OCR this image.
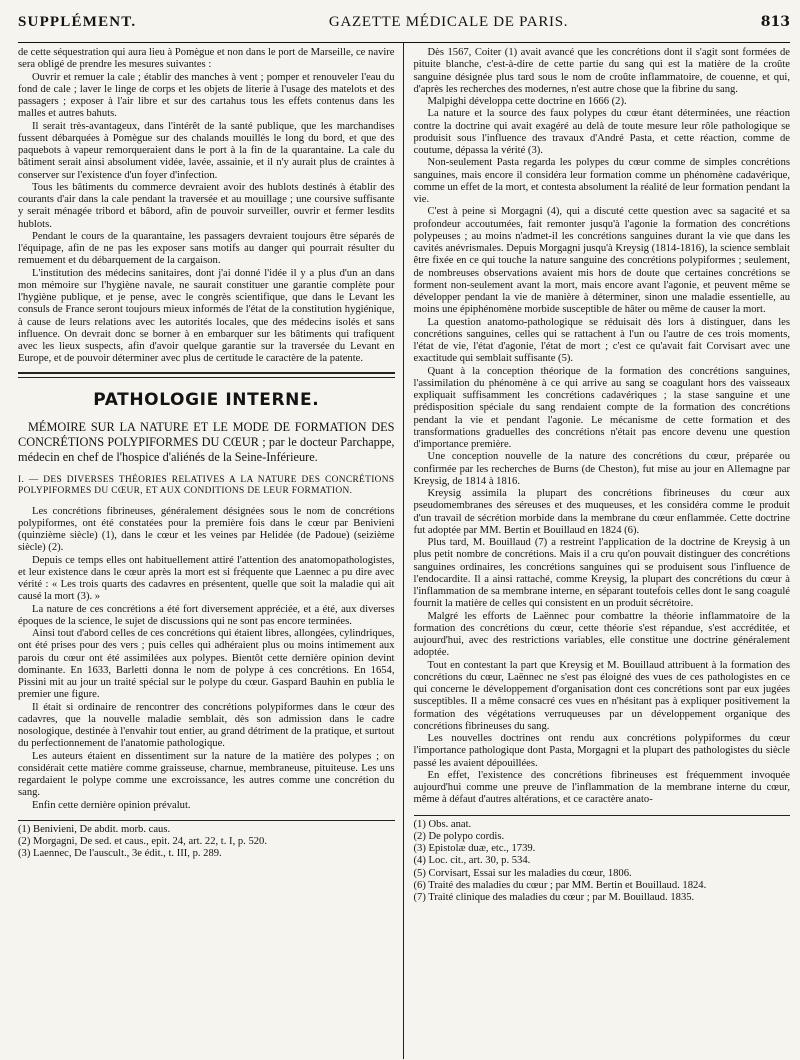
SUPPLÉMENT.	GAZETTE MÉDICALE DE PARIS.	813

de cette séquestration qui aura lieu à Pomègue et non dans le port de Marseille, ce navire sera obligé de prendre les mesures suivantes :

Ouvrir et remuer la cale ; établir des manches à vent ; pomper et renouveler l'eau du fond de cale ; laver le linge de corps et les objets de literie à l'usage des matelots et des passagers ; exposer à l'air libre et sur des cartahus tous les effets contenus dans les malles et autres bahuts.

Il serait très-avantageux, dans l'intérêt de la santé publique, que les marchandises fussent débarquées à Pomègue sur des chalands mouillés le long du bord, et que des paquebots à vapeur remorqueraient dans le port à la fin de la quarantaine. La cale du bâtiment serait ainsi absolument vidée, lavée, assainie, et il n'y aurait plus de craintes à conserver sur l'existence d'un foyer d'infection.

Tous les bâtiments du commerce devraient avoir des hublots destinés à établir des courants d'air dans la cale pendant la traversée et au mouillage ; une coursive suffisante y serait ménagée tribord et bâbord, afin de pouvoir surveiller, ouvrir et fermer lesdits hublots.

Pendant le cours de la quarantaine, les passagers devraient toujours être séparés de l'équipage, afin de ne pas les exposer sans motifs au danger qui pourrait résulter du remuement et du débarquement de la cargaison.

L'institution des médecins sanitaires, dont j'ai donné l'idée il y a plus d'un an dans mon mémoire sur l'hygiène navale, ne saurait constituer une garantie complète pour l'hygiène publique, et je pense, avec le congrès scientifique, que dans le Levant les consuls de France seront toujours mieux informés de l'état de la constitution hygiénique, à cause de leurs relations avec les autorités locales, que des médecins isolés et sans influence. On devrait donc se borner à en embarquer sur les bâtiments qui trafiquent avec les lieux suspects, afin d'avoir quelque garantie sur la traversée du Levant en Europe, et de pouvoir déterminer avec plus de certitude le caractère de la patente.

PATHOLOGIE INTERNE.
MÉMOIRE SUR LA NATURE ET LE MODE DE FORMATION DES CONCRÉTIONS POLYPIFORMES DU CŒUR ; par le docteur Parchappe, médecin en chef de l'hospice d'aliénés de la Seine-Inférieure.
I. — DES DIVERSES THÉORIES RELATIVES A LA NATURE DES CONCRÉTIONS POLYPIFORMES DU CŒUR, ET AUX CONDITIONS DE LEUR FORMATION.

Les concrétions fibrineuses, généralement désignées sous le nom de concrétions polypiformes, ont été constatées pour la première fois dans le cœur par Benivieni (quinzième siècle) (1), dans le cœur et les veines par Helidée (de Padoue) (seizième siècle) (2).

Depuis ce temps elles ont habituellement attiré l'attention des anatomopathologistes, et leur existence dans le cœur après la mort est si fréquente que Laennec a pu dire avec vérité : « Les trois quarts des cadavres en présentent, quelle que soit la maladie qui ait causé la mort (3). »

La nature de ces concrétions a été fort diversement appréciée, et a été, aux diverses époques de la science, le sujet de discussions qui ne sont pas encore terminées.

Ainsi tout d'abord celles de ces concrétions qui étaient libres, allongées, cylindriques, ont été prises pour des vers ; puis celles qui adhéraient plus ou moins intimement aux parois du cœur ont été assimilées aux polypes. Bientôt cette dernière opinion devint dominante. En 1633, Barletti donna le nom de polype à ces concrétions. En 1654, Pissini mit au jour un traité spécial sur le polype du cœur. Gaspard Bauhin en publia le premier une figure.

Il était si ordinaire de rencontrer des concrétions polypiformes dans le cœur des cadavres, que la nouvelle maladie semblait, dès son admission dans le cadre nosologique, destinée à l'envahir tout entier, au grand détriment de la pratique, et surtout du perfectionnement de l'anatomie pathologique.

Les auteurs étaient en dissentiment sur la nature de la matière des polypes ; on considérait cette matière comme graisseuse, charnue, membraneuse, pituiteuse. Les uns regardaient le polype comme une excroissance, les autres comme une concrétion du sang.

Enfin cette dernière opinion prévalut.

(1) Benivieni, De abdit. morb. caus.

(2) Morgagni, De sed. et caus., epit. 24, art. 22, t. I, p. 520.

(3) Laennec, De l'auscult., 3e édit., t. III, p. 289.

Dès 1567, Coiter (1) avait avancé que les concrétions dont il s'agit sont formées de pituite blanche, c'est-à-dire de cette partie du sang qui est la matière de la croûte sanguine désignée plus tard sous le nom de croûte inflammatoire, de couenne, et qui, d'après les recherches des modernes, n'est autre chose que la fibrine du sang.

Malpighi développa cette doctrine en 1666 (2).

La nature et la source des faux polypes du cœur étant déterminées, une réaction contre la doctrine qui avait exagéré au delà de toute mesure leur rôle pathologique se produisit sous l'influence des travaux d'André Pasta, et cette réaction, comme de coutume, dépassa la vérité (3).

Non-seulement Pasta regarda les polypes du cœur comme de simples concrétions sanguines, mais encore il considéra leur formation comme un phénomène cadavérique, comme un effet de la mort, et contesta absolument la réalité de leur formation pendant la vie.

C'est à peine si Morgagni (4), qui a discuté cette question avec sa sagacité et sa profondeur accoutumées, fait remonter jusqu'à l'agonie la formation des concrétions polypeuses ; au moins n'admet-il les concrétions sanguines durant la vie que dans les cavités anévrismales. Depuis Morgagni jusqu'à Kreysig (1814-1816), la science semblait être fixée en ce qui touche la nature sanguine des concrétions polypiformes ; seulement, de nombreuses observations avaient mis hors de doute que certaines concrétions se forment non-seulement avant la mort, mais encore avant l'agonie, et peuvent même se développer pendant la vie de manière à déterminer, sinon une maladie essentielle, au moins une épiphénomène morbide susceptible de hâter ou même de causer la mort.

La question anatomo-pathologique se réduisait dès lors à distinguer, dans les concrétions sanguines, celles qui se rattachent à l'un ou l'autre de ces trois moments, l'état de vie, l'état d'agonie, l'état de mort ; c'est ce qu'avait fait Corvisart avec une exactitude qui semblait suffisante (5).

Quant à la conception théorique de la formation des concrétions sanguines, l'assimilation du phénomène à ce qui arrive au sang se coagulant hors des vaisseaux expliquait suffisamment les concrétions cadavériques ; la stase sanguine et une prédisposition spéciale du sang rendaient compte de la formation des concrétions pendant la vie et pendant l'agonie. Le mécanisme de cette formation et des transformations graduelles des concrétions n'était pas encore devenu une question d'importance première.

Une conception nouvelle de la nature des concrétions du cœur, préparée ou confirmée par les recherches de Burns (de Cheston), fut mise au jour en Allemagne par Kreysig, de 1814 à 1816.

Kreysig assimila la plupart des concrétions fibrineuses du cœur aux pseudomembranes des séreuses et des muqueuses, et les considéra comme le produit d'un travail de sécrétion morbide dans la membrane du cœur enflammée. Cette doctrine fut adoptée par MM. Bertin et Bouillaud en 1824 (6).

Plus tard, M. Bouillaud (7) a restreint l'application de la doctrine de Kreysig à un plus petit nombre de concrétions. Mais il a cru qu'on pouvait distinguer des concrétions sanguines ordinaires, les concrétions sanguines qui se produisent sous l'influence de l'endocardite. Il a ainsi rattaché, comme Kreysig, la plupart des concrétions du cœur à l'inflammation de sa membrane interne, en séparant toutefois celles dont le sang coagulé fournit la matière de celles qui consistent en un produit sécrétoire.

Malgré les efforts de Laënnec pour combattre la théorie inflammatoire de la formation des concrétions du cœur, cette théorie s'est répandue, s'est accréditée, et aujourd'hui, avec des restrictions variables, elle constitue une doctrine généralement adoptée.

Tout en contestant la part que Kreysig et M. Bouillaud attribuent à la formation des concrétions du cœur, Laënnec ne s'est pas éloigné des vues de ces pathologistes en ce qui concerne le développement d'organisation dont ces concrétions sont par eux jugées susceptibles. Il a même consacré ces vues en n'hésitant pas à expliquer positivement la formation des végétations verruqueuses par un développement organique des concrétions fibrineuses du sang.

Les nouvelles doctrines ont rendu aux concrétions polypiformes du cœur l'importance pathologique dont Pasta, Morgagni et la plupart des pathologistes du siècle passé les avaient dépouillées.

En effet, l'existence des concrétions fibrineuses est fréquemment invoquée aujourd'hui comme une preuve de l'inflammation de la membrane interne du cœur, même à défaut d'autres altérations, et ce caractère anato-

(1) Obs. anat.

(2) De polypo cordis.

(3) Epistolæ duæ, etc., 1739.

(4) Loc. cit., art. 30, p. 534.

(5) Corvisart, Essai sur les maladies du cœur, 1806.

(6) Traité des maladies du cœur ; par MM. Bertin et Bouillaud. 1824.

(7) Traité clinique des maladies du cœur ; par M. Bouillaud. 1835.
